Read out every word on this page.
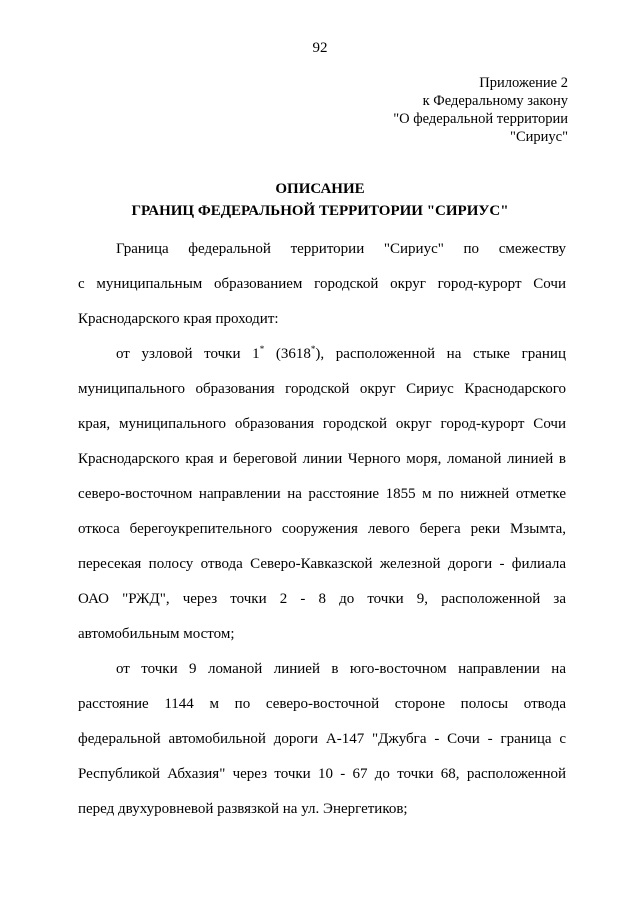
92
Приложение 2
к Федеральному закону
"О федеральной территории
"Сириус"
ОПИСАНИЕ
ГРАНИЦ ФЕДЕРАЛЬНОЙ ТЕРРИТОРИИ "СИРИУС"
Граница федеральной территории "Сириус" по смежеству
с муниципальным образованием городской округ город-курорт Сочи
Краснодарского края проходит:
от узловой точки 1* (3618*), расположенной на стыке границ
муниципального образования городской округ Сириус Краснодарского
края, муниципального образования городской округ город-курорт Сочи
Краснодарского края и береговой линии Черного моря, ломаной линией в
северо-восточном направлении на расстояние 1855 м по нижней отметке
откоса берегоукрепительного сооружения левого берега реки Мзымта,
пересекая полосу отвода Северо-Кавказской железной дороги - филиала
ОАО "РЖД", через точки 2 - 8 до точки 9, расположенной за
автомобильным мостом;
от точки 9 ломаной линией в юго-восточном направлении на
расстояние 1144 м по северо-восточной стороне полосы отвода
федеральной автомобильной дороги А-147 "Джубга - Сочи - граница с
Республикой Абхазия" через точки 10 - 67 до точки 68, расположенной
перед двухуровневой развязкой на ул. Энергетиков;
